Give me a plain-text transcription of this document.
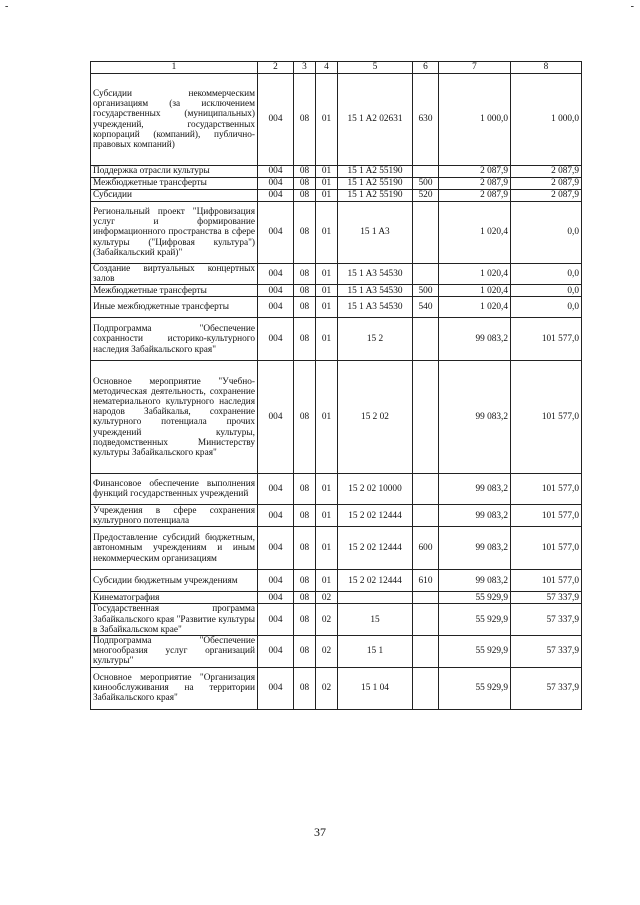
-	-
1	2	3	4	5	6	7	8
Субсидии некоммерческим организациям (за исключением государственных (муниципальных) учреждений, государственных корпораций (компаний), публично-правовых компаний)	004	08	01	15 1 A2 02631	630	1 000,0	1 000,0
Поддержка отрасли культуры	004	08	01	15 1 A2 55190		2 087,9	2 087,9
Межбюджетные трансферты	004	08	01	15 1 A2 55190	500	2 087,9	2 087,9
Субсидии	004	08	01	15 1 A2 55190	520	2 087,9	2 087,9
Региональный проект "Цифровизация услуг и формирование информационного пространства в сфере культуры ("Цифровая культура") (Забайкальский край)"	004	08	01	15 1 A3		1 020,4	0,0
Создание виртуальных концертных залов	004	08	01	15 1 A3 54530		1 020,4	0,0
Межбюджетные трансферты	004	08	01	15 1 A3 54530	500	1 020,4	0,0
Иные межбюджетные трансферты	004	08	01	15 1 A3 54530	540	1 020,4	0,0
Подпрограмма "Обеспечение сохранности историко-культурного наследия Забайкальского края"	004	08	01	15 2		99 083,2	101 577,0
Основное мероприятие "Учебно-методическая деятельность, сохранение нематериального культурного наследия народов Забайкалья, сохранение культурного потенциала прочих учреждений культуры, подведомственных Министерству культуры Забайкальского края"	004	08	01	15 2 02		99 083,2	101 577,0
Финансовое обеспечение выполнения функций государственных учреждений	004	08	01	15 2 02 10000		99 083,2	101 577,0
Учреждения в сфере сохранения культурного потенциала	004	08	01	15 2 02 12444		99 083,2	101 577,0
Предоставление субсидий бюджетным, автономным учреждениям и иным некоммерческим организациям	004	08	01	15 2 02 12444	600	99 083,2	101 577,0
Субсидии бюджетным учреждениям	004	08	01	15 2 02 12444	610	99 083,2	101 577,0
Кинематография	004	08	02			55 929,9	57 337,9
Государственная программа Забайкальского края "Развитие культуры в Забайкальском крае"	004	08	02	15		55 929,9	57 337,9
Подпрограмма "Обеспечение многообразия услуг организаций культуры"	004	08	02	15 1		55 929,9	57 337,9
Основное мероприятие "Организация кинообслуживания на территории Забайкальского края"	004	08	02	15 1 04		55 929,9	57 337,9
37
